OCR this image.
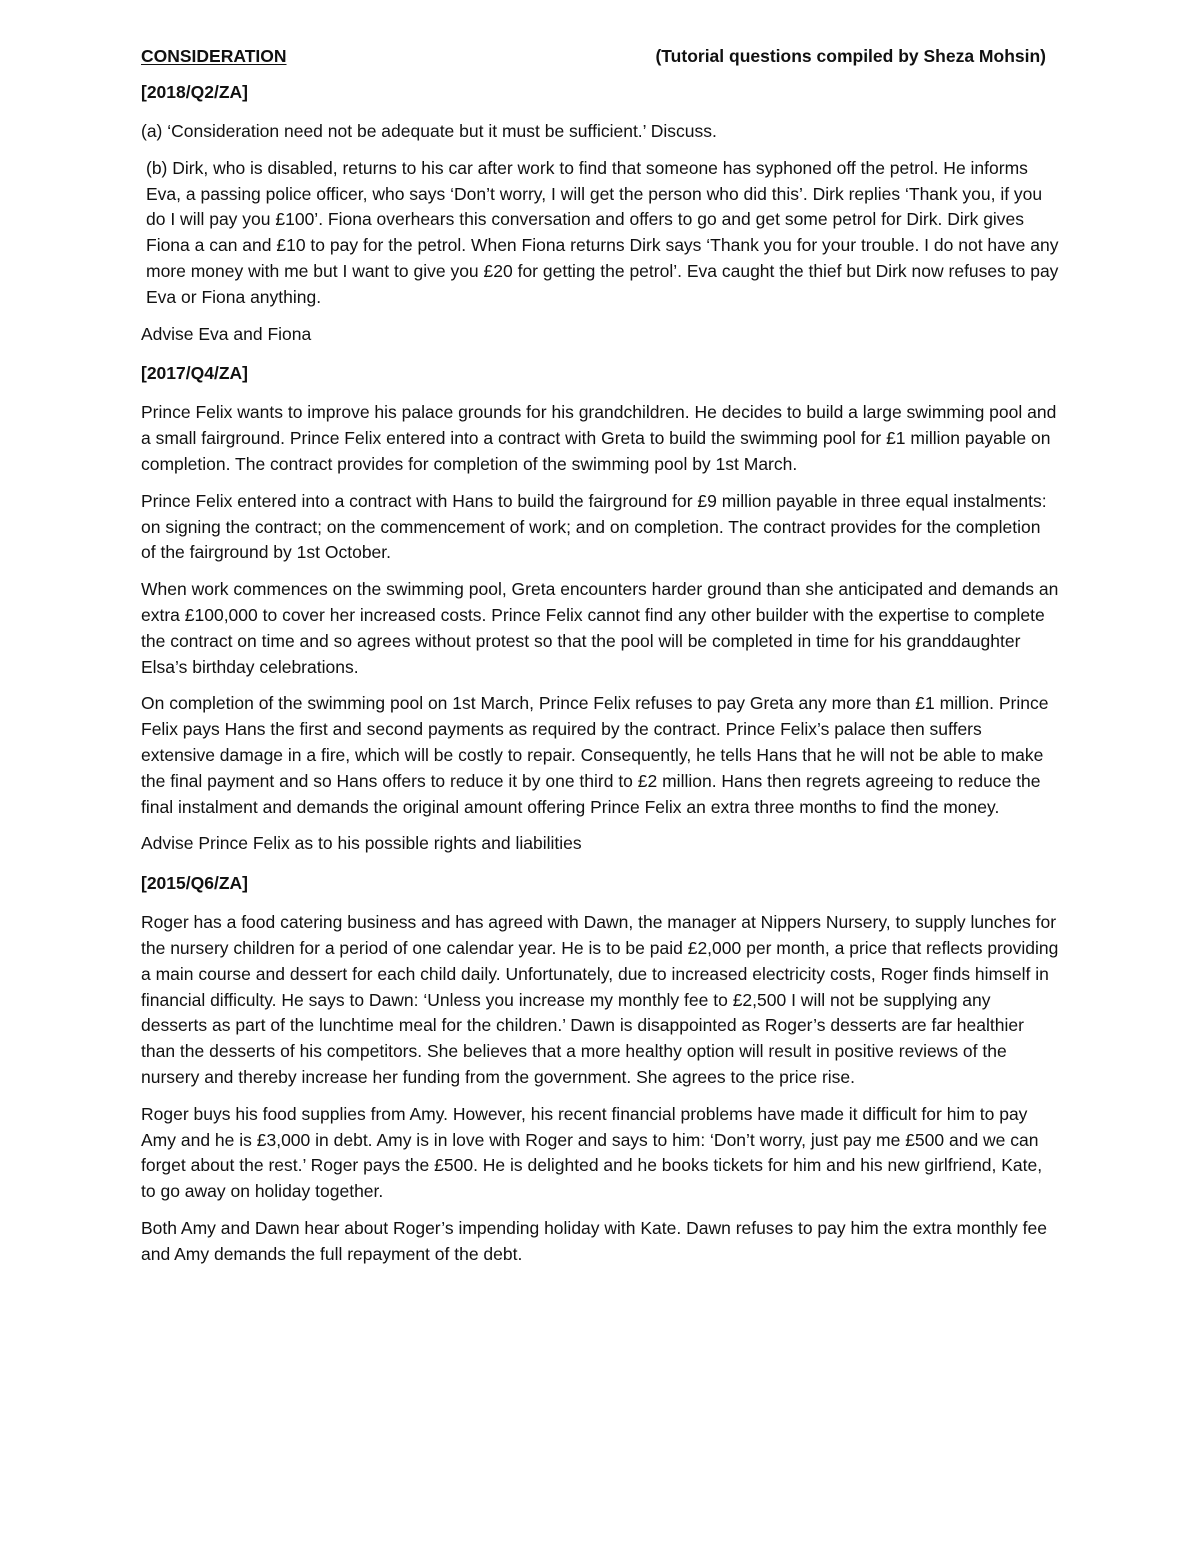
CONSIDERATION	(Tutorial questions compiled by Sheza Mohsin)
[2018/Q2/ZA]

(a) ‘Consideration need not be adequate but it must be sufficient.’ Discuss.

(b) Dirk, who is disabled, returns to his car after work to find that someone has syphoned off the petrol. He informs Eva, a passing police officer, who says ‘Don’t worry, I will get the person who did this’. Dirk replies ‘Thank you, if you do I will pay you £100’. Fiona overhears this conversation and offers to go and get some petrol for Dirk. Dirk gives Fiona a can and £10 to pay for the petrol. When Fiona returns Dirk says ‘Thank you for your trouble. I do not have any more money with me but I want to give you £20 for getting the petrol’. Eva caught the thief but Dirk now refuses to pay Eva or Fiona anything.

Advise Eva and Fiona

[2017/Q4/ZA]

Prince Felix wants to improve his palace grounds for his grandchildren. He decides to build a large swimming pool and a small fairground. Prince Felix entered into a contract with Greta to build the swimming pool for £1 million payable on completion. The contract provides for completion of the swimming pool by 1st March.

Prince Felix entered into a contract with Hans to build the fairground for £9 million payable in three equal instalments: on signing the contract; on the commencement of work; and on completion. The contract provides for the completion of the fairground by 1st October.

When work commences on the swimming pool, Greta encounters harder ground than she anticipated and demands an extra £100,000 to cover her increased costs. Prince Felix cannot find any other builder with the expertise to complete the contract on time and so agrees without protest so that the pool will be completed in time for his granddaughter Elsa’s birthday celebrations.

On completion of the swimming pool on 1st March, Prince Felix refuses to pay Greta any more than £1 million. Prince Felix pays Hans the first and second payments as required by the contract. Prince Felix’s palace then suffers extensive damage in a fire, which will be costly to repair. Consequently, he tells Hans that he will not be able to make the final payment and so Hans offers to reduce it by one third to £2 million. Hans then regrets agreeing to reduce the final instalment and demands the original amount offering Prince Felix an extra three months to find the money.

Advise Prince Felix as to his possible rights and liabilities

[2015/Q6/ZA]

Roger has a food catering business and has agreed with Dawn, the manager at Nippers Nursery, to supply lunches for the nursery children for a period of one calendar year. He is to be paid £2,000 per month, a price that reflects providing a main course and dessert for each child daily. Unfortunately, due to increased electricity costs, Roger finds himself in financial difficulty. He says to Dawn: ‘Unless you increase my monthly fee to £2,500 I will not be supplying any desserts as part of the lunchtime meal for the children.’ Dawn is disappointed as Roger’s desserts are far healthier than the desserts of his competitors. She believes that a more healthy option will result in positive reviews of the nursery and thereby increase her funding from the government. She agrees to the price rise.

Roger buys his food supplies from Amy. However, his recent financial problems have made it difficult for him to pay Amy and he is £3,000 in debt. Amy is in love with Roger and says to him: ‘Don’t worry, just pay me £500 and we can forget about the rest.’ Roger pays the £500. He is delighted and he books tickets for him and his new girlfriend, Kate, to go away on holiday together.

Both Amy and Dawn hear about Roger’s impending holiday with Kate. Dawn refuses to pay him the extra monthly fee and Amy demands the full repayment of the debt.
